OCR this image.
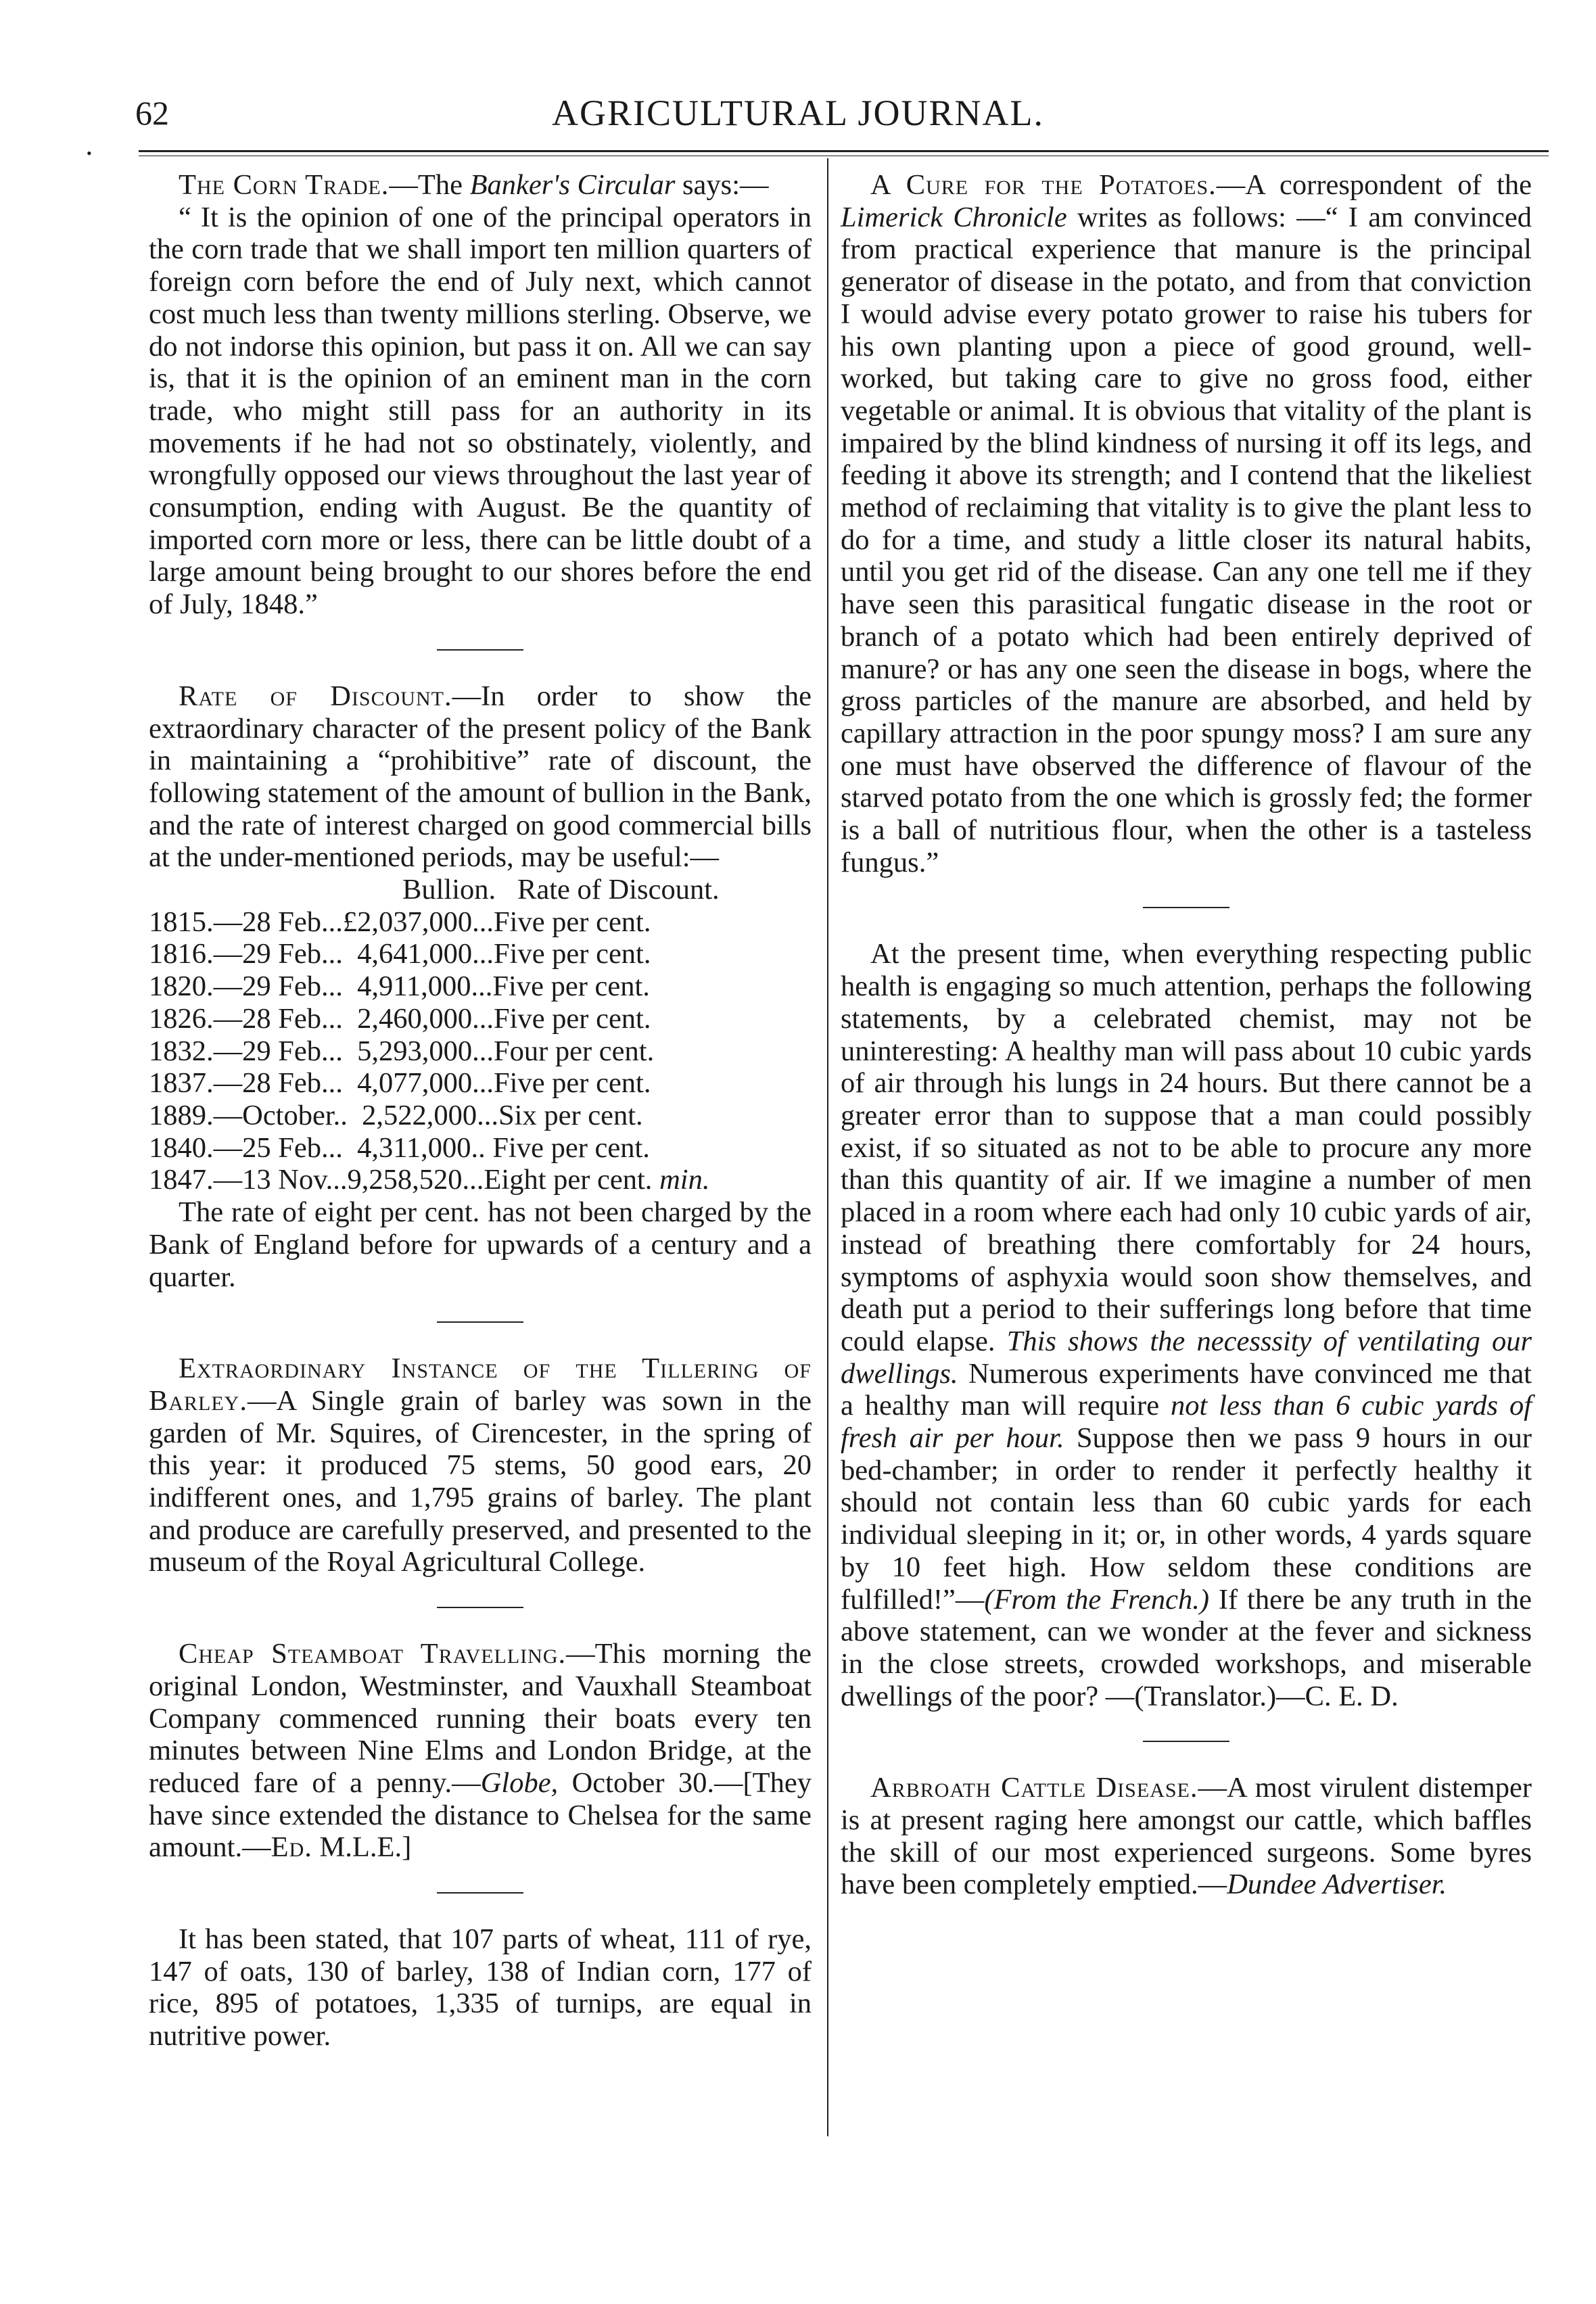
62	AGRICULTURAL JOURNAL.
•

The Corn Trade.—The Banker's Circular says:—

“ It is the opinion of one of the principal operators in the corn trade that we shall import ten million quarters of foreign corn before the end of July next, which cannot cost much less than twenty millions sterling. Observe, we do not indorse this opinion, but pass it on. All we can say is, that it is the opinion of an eminent man in the corn trade, who might still pass for an authority in its movements if he had not so obstinately, violently, and wrongfully opposed our views throughout the last year of consumption, ending with August. Be the quantity of imported corn more or less, there can be little doubt of a large amount being brought to our shores before the end of July, 1848.”

Rate of Discount.—In order to show the extraordinary character of the present policy of the Bank in maintaining a “prohibitive” rate of discount, the following statement of the amount of bullion in the Bank, and the rate of interest charged on good commercial bills at the under-mentioned periods, may be useful:—

Bullion.   Rate of Discount.
1815.—28 Feb...£2,037,000...Five per cent.
1816.—29 Feb...  4,641,000...Five per cent.
1820.—29 Feb...  4,911,000...Five per cent.
1826.—28 Feb...  2,460,000...Five per cent.
1832.—29 Feb...  5,293,000...Four per cent.
1837.—28 Feb...  4,077,000...Five per cent.
1889.—October..  2,522,000...Six per cent.
1840.—25 Feb...  4,311,000.. Five per cent.
1847.—13 Nov...9,258,520...Eight per cent. min.

The rate of eight per cent. has not been charged by the Bank of England before for upwards of a century and a quarter.

Extraordinary Instance of the Tillering of Barley.—A Single grain of barley was sown in the garden of Mr. Squires, of Cirencester, in the spring of this year: it produced 75 stems, 50 good ears, 20 indifferent ones, and 1,795 grains of barley. The plant and produce are carefully preserved, and presented to the museum of the Royal Agricultural College.

Cheap Steamboat Travelling.—This morning the original London, Westminster, and Vauxhall Steamboat Company commenced running their boats every ten minutes between Nine Elms and London Bridge, at the reduced fare of a penny.—Globe, October 30.—[They have since extended the distance to Chelsea for the same amount.—Ed. M.L.E.]

It has been stated, that 107 parts of wheat, 111 of rye, 147 of oats, 130 of barley, 138 of Indian corn, 177 of rice, 895 of potatoes, 1,335 of turnips, are equal in nutritive power.

A Cure for the Potatoes.—A correspondent of the Limerick Chronicle writes as follows: —“ I am convinced from practical experience that manure is the principal generator of disease in the potato, and from that conviction I would advise every potato grower to raise his tubers for his own planting upon a piece of good ground, well-worked, but taking care to give no gross food, either vegetable or animal. It is obvious that vitality of the plant is impaired by the blind kindness of nursing it off its legs, and feeding it above its strength; and I contend that the likeliest method of reclaiming that vitality is to give the plant less to do for a time, and study a little closer its natural habits, until you get rid of the disease. Can any one tell me if they have seen this parasitical fungatic disease in the root or branch of a potato which had been entirely deprived of manure? or has any one seen the disease in bogs, where the gross particles of the manure are absorbed, and held by capillary attraction in the poor spungy moss? I am sure any one must have observed the difference of flavour of the starved potato from the one which is grossly fed; the former is a ball of nutritious flour, when the other is a tasteless fungus.”

At the present time, when everything respecting public health is engaging so much attention, perhaps the following statements, by a celebrated chemist, may not be uninteresting: A healthy man will pass about 10 cubic yards of air through his lungs in 24 hours. But there cannot be a greater error than to suppose that a man could possibly exist, if so situated as not to be able to procure any more than this quantity of air. If we imagine a number of men placed in a room where each had only 10 cubic yards of air, instead of breathing there comfortably for 24 hours, symptoms of asphyxia would soon show themselves, and death put a period to their sufferings long before that time could elapse. This shows the necesssity of ventilating our dwellings. Numerous experiments have convinced me that a healthy man will require not less than 6 cubic yards of fresh air per hour. Suppose then we pass 9 hours in our bed-chamber; in order to render it perfectly healthy it should not contain less than 60 cubic yards for each individual sleeping in it; or, in other words, 4 yards square by 10 feet high. How seldom these conditions are fulfilled!”—(From the French.) If there be any truth in the above statement, can we wonder at the fever and sickness in the close streets, crowded workshops, and miserable dwellings of the poor? —(Translator.)—C. E. D.

Arbroath Cattle Disease.—A most virulent distemper is at present raging here amongst our cattle, which baffles the skill of our most experienced surgeons. Some byres have been completely emptied.—Dundee Advertiser.
